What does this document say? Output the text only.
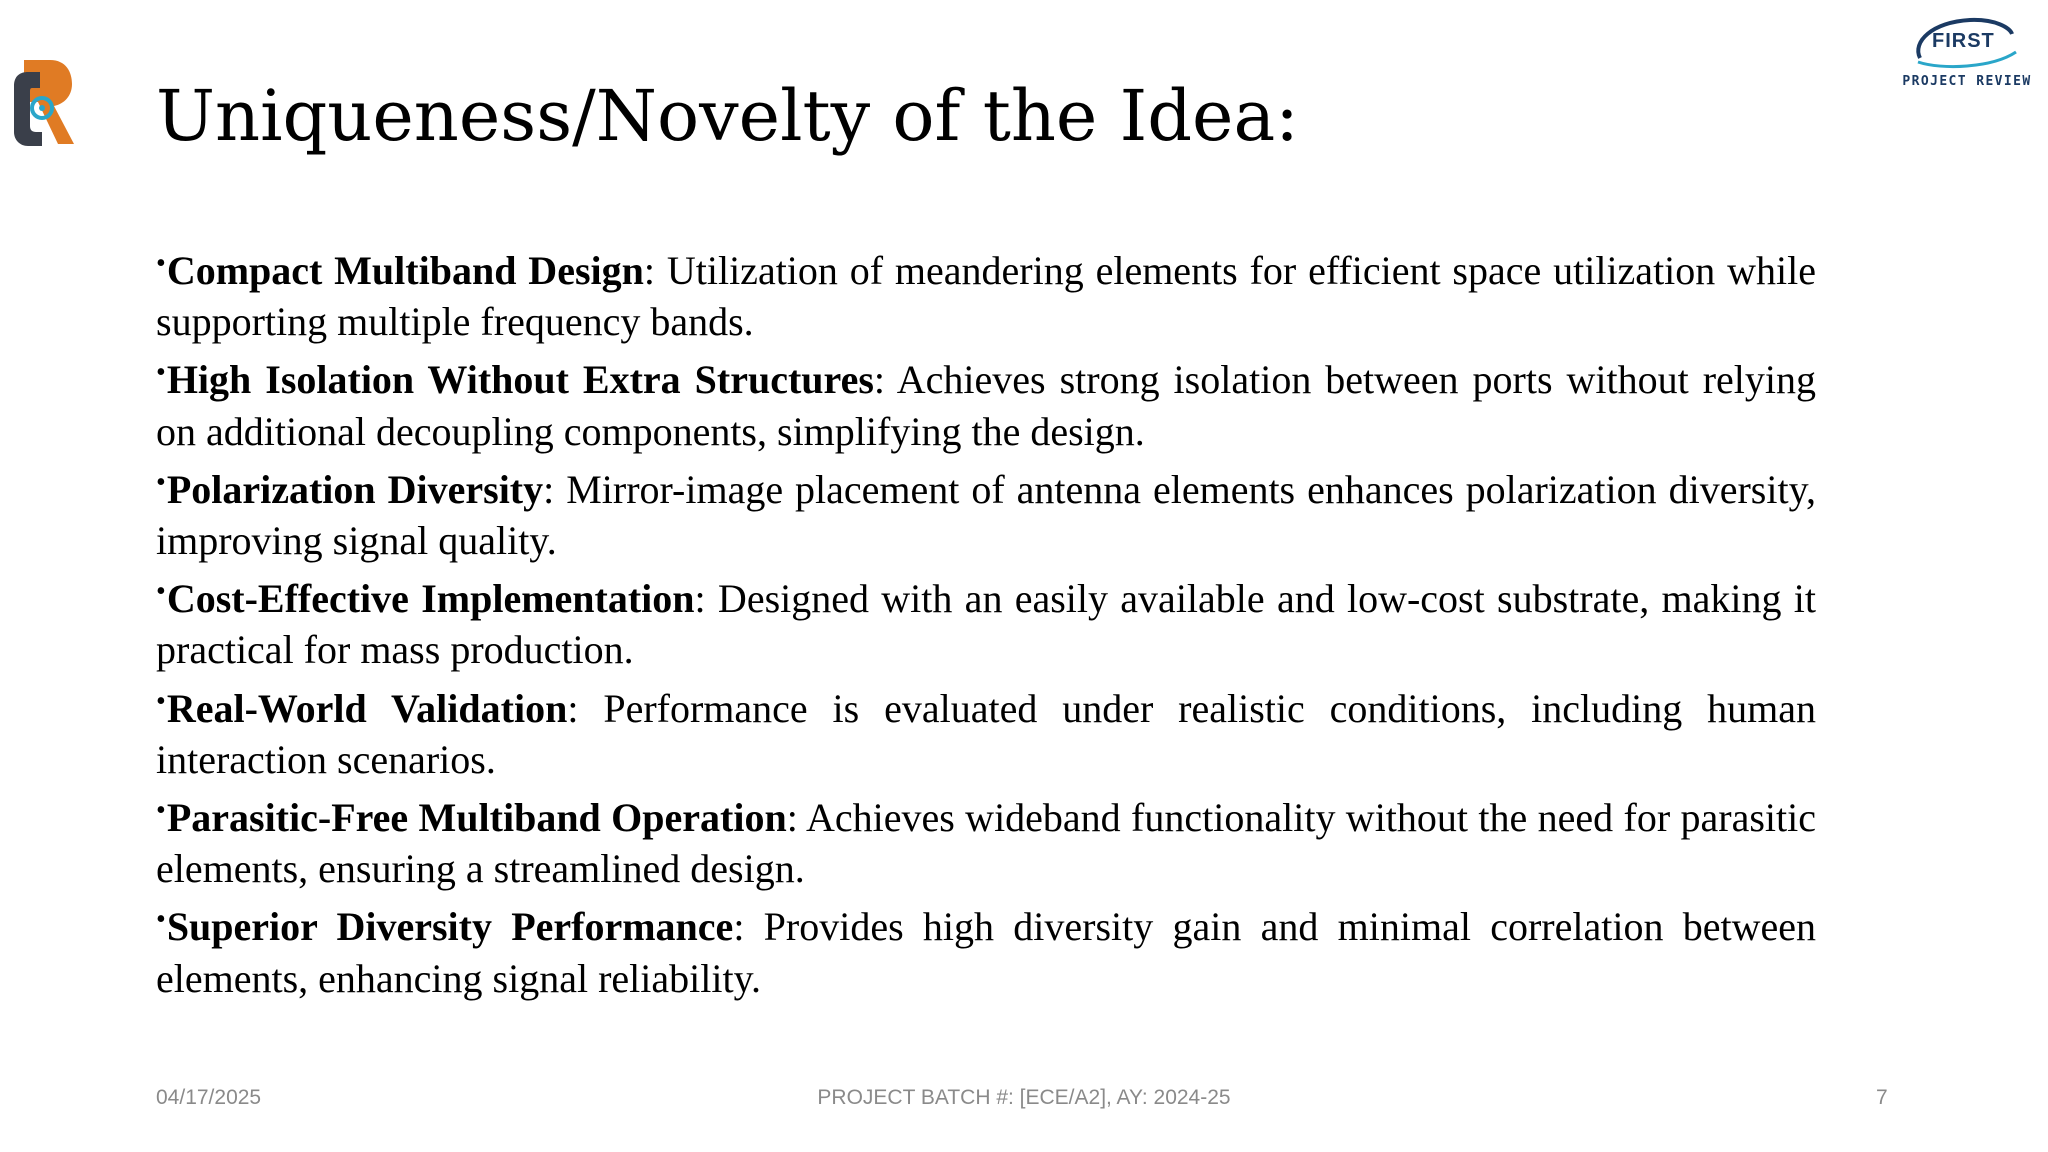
Uniqueness/Novelty of the Idea:
FIRST
PROJECT REVIEW

•Compact Multiband Design: Utilization of meandering elements for efficient space utilization while supporting multiple frequency bands.

•High Isolation Without Extra Structures: Achieves strong isolation between ports without relying on additional decoupling components, simplifying the design.

•Polarization Diversity: Mirror-image placement of antenna elements enhances polarization diversity, improving signal quality.

•Cost-Effective Implementation: Designed with an easily available and low-cost substrate, making it practical for mass production.

•Real-World Validation: Performance is evaluated under realistic conditions, including human interaction scenarios.

•Parasitic-Free Multiband Operation: Achieves wideband functionality without the need for parasitic elements, ensuring a streamlined design.

•Superior Diversity Performance: Provides high diversity gain and minimal correlation between elements, enhancing signal reliability.

04/17/2025	PROJECT BATCH #: [ECE/A2], AY: 2024-25	7
